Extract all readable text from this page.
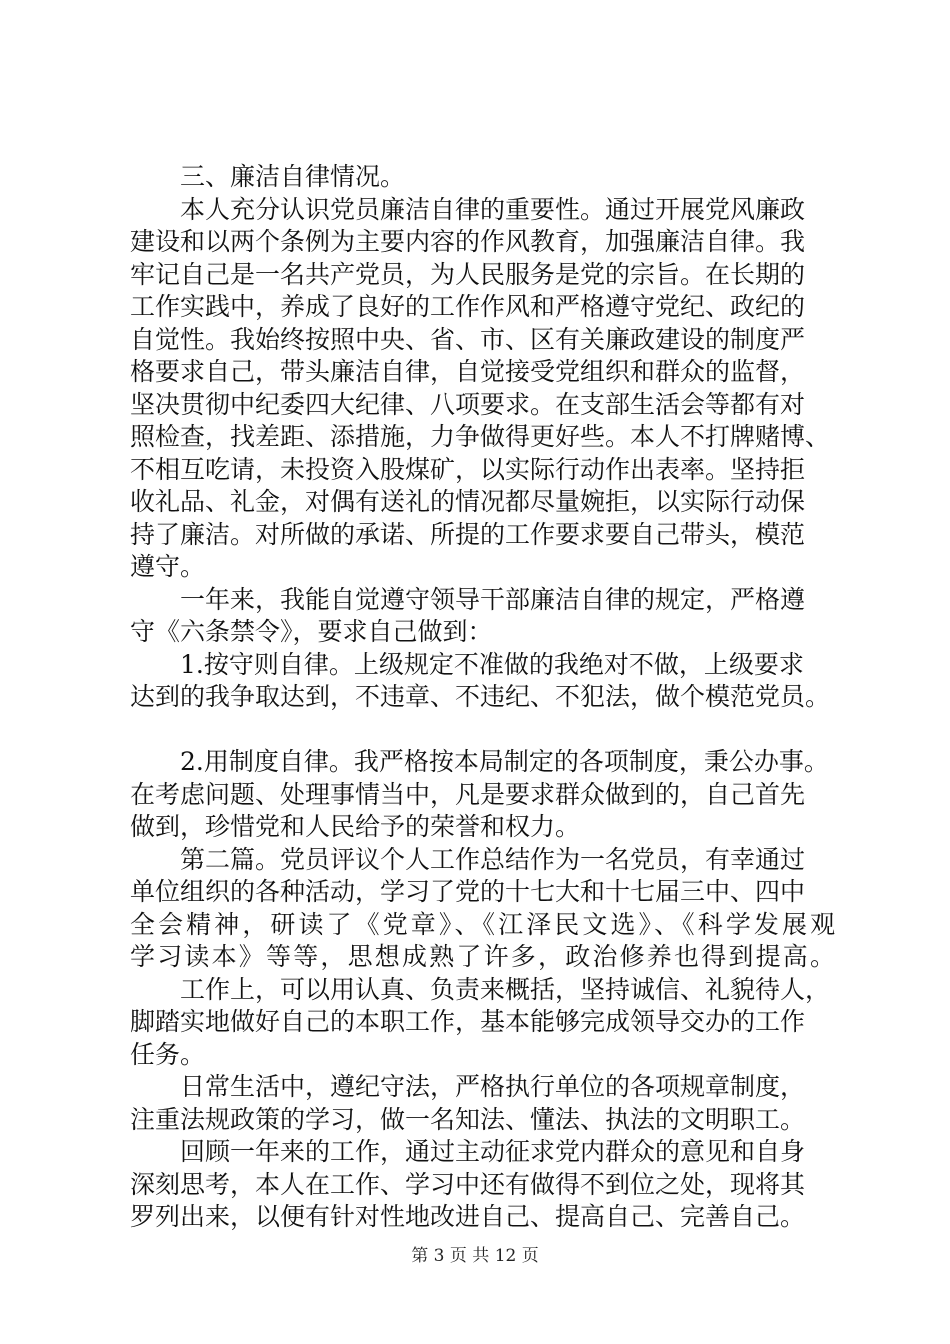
三、廉洁自律情况。
本人充分认识党员廉洁自律的重要性。通过开展党风廉政
建设和以两个条例为主要内容的作风教育，加强廉洁自律。我
牢记自己是一名共产党员，为人民服务是党的宗旨。在长期的
工作实践中，养成了良好的工作作风和严格遵守党纪、政纪的
自觉性。我始终按照中央、省、市、区有关廉政建设的制度严
格要求自己，带头廉洁自律，自觉接受党组织和群众的监督，
坚决贯彻中纪委四大纪律、八项要求。在支部生活会等都有对
照检查，找差距、添措施，力争做得更好些。本人不打牌赌博、
不相互吃请，未投资入股煤矿，以实际行动作出表率。坚持拒
收礼品、礼金，对偶有送礼的情况都尽量婉拒，以实际行动保
持了廉洁。对所做的承诺、所提的工作要求要自己带头，模范
遵守。
一年来，我能自觉遵守领导干部廉洁自律的规定，严格遵
守《六条禁令》，要求自己做到：
1.按守则自律。上级规定不准做的我绝对不做，上级要求
达到的我争取达到，不违章、不违纪、不犯法，做个模范党员。
2.用制度自律。我严格按本局制定的各项制度，秉公办事。
在考虑问题、处理事情当中，凡是要求群众做到的，自己首先
做到，珍惜党和人民给予的荣誉和权力。
第二篇。党员评议个人工作总结作为一名党员，有幸通过
单位组织的各种活动，学习了党的十七大和十七届三中、四中
全会精神，研读了《党章》、《江泽民文选》、《科学发展观
学习读本》等等，思想成熟了许多，政治修养也得到提高。
工作上，可以用认真、负责来概括，坚持诚信、礼貌待人，
脚踏实地做好自己的本职工作，基本能够完成领导交办的工作
任务。
日常生活中，遵纪守法，严格执行单位的各项规章制度，
注重法规政策的学习，做一名知法、懂法、执法的文明职工。
回顾一年来的工作，通过主动征求党内群众的意见和自身
深刻思考，本人在工作、学习中还有做得不到位之处，现将其
罗列出来，以便有针对性地改进自己、提高自己、完善自己。
第 3 页 共 12 页
